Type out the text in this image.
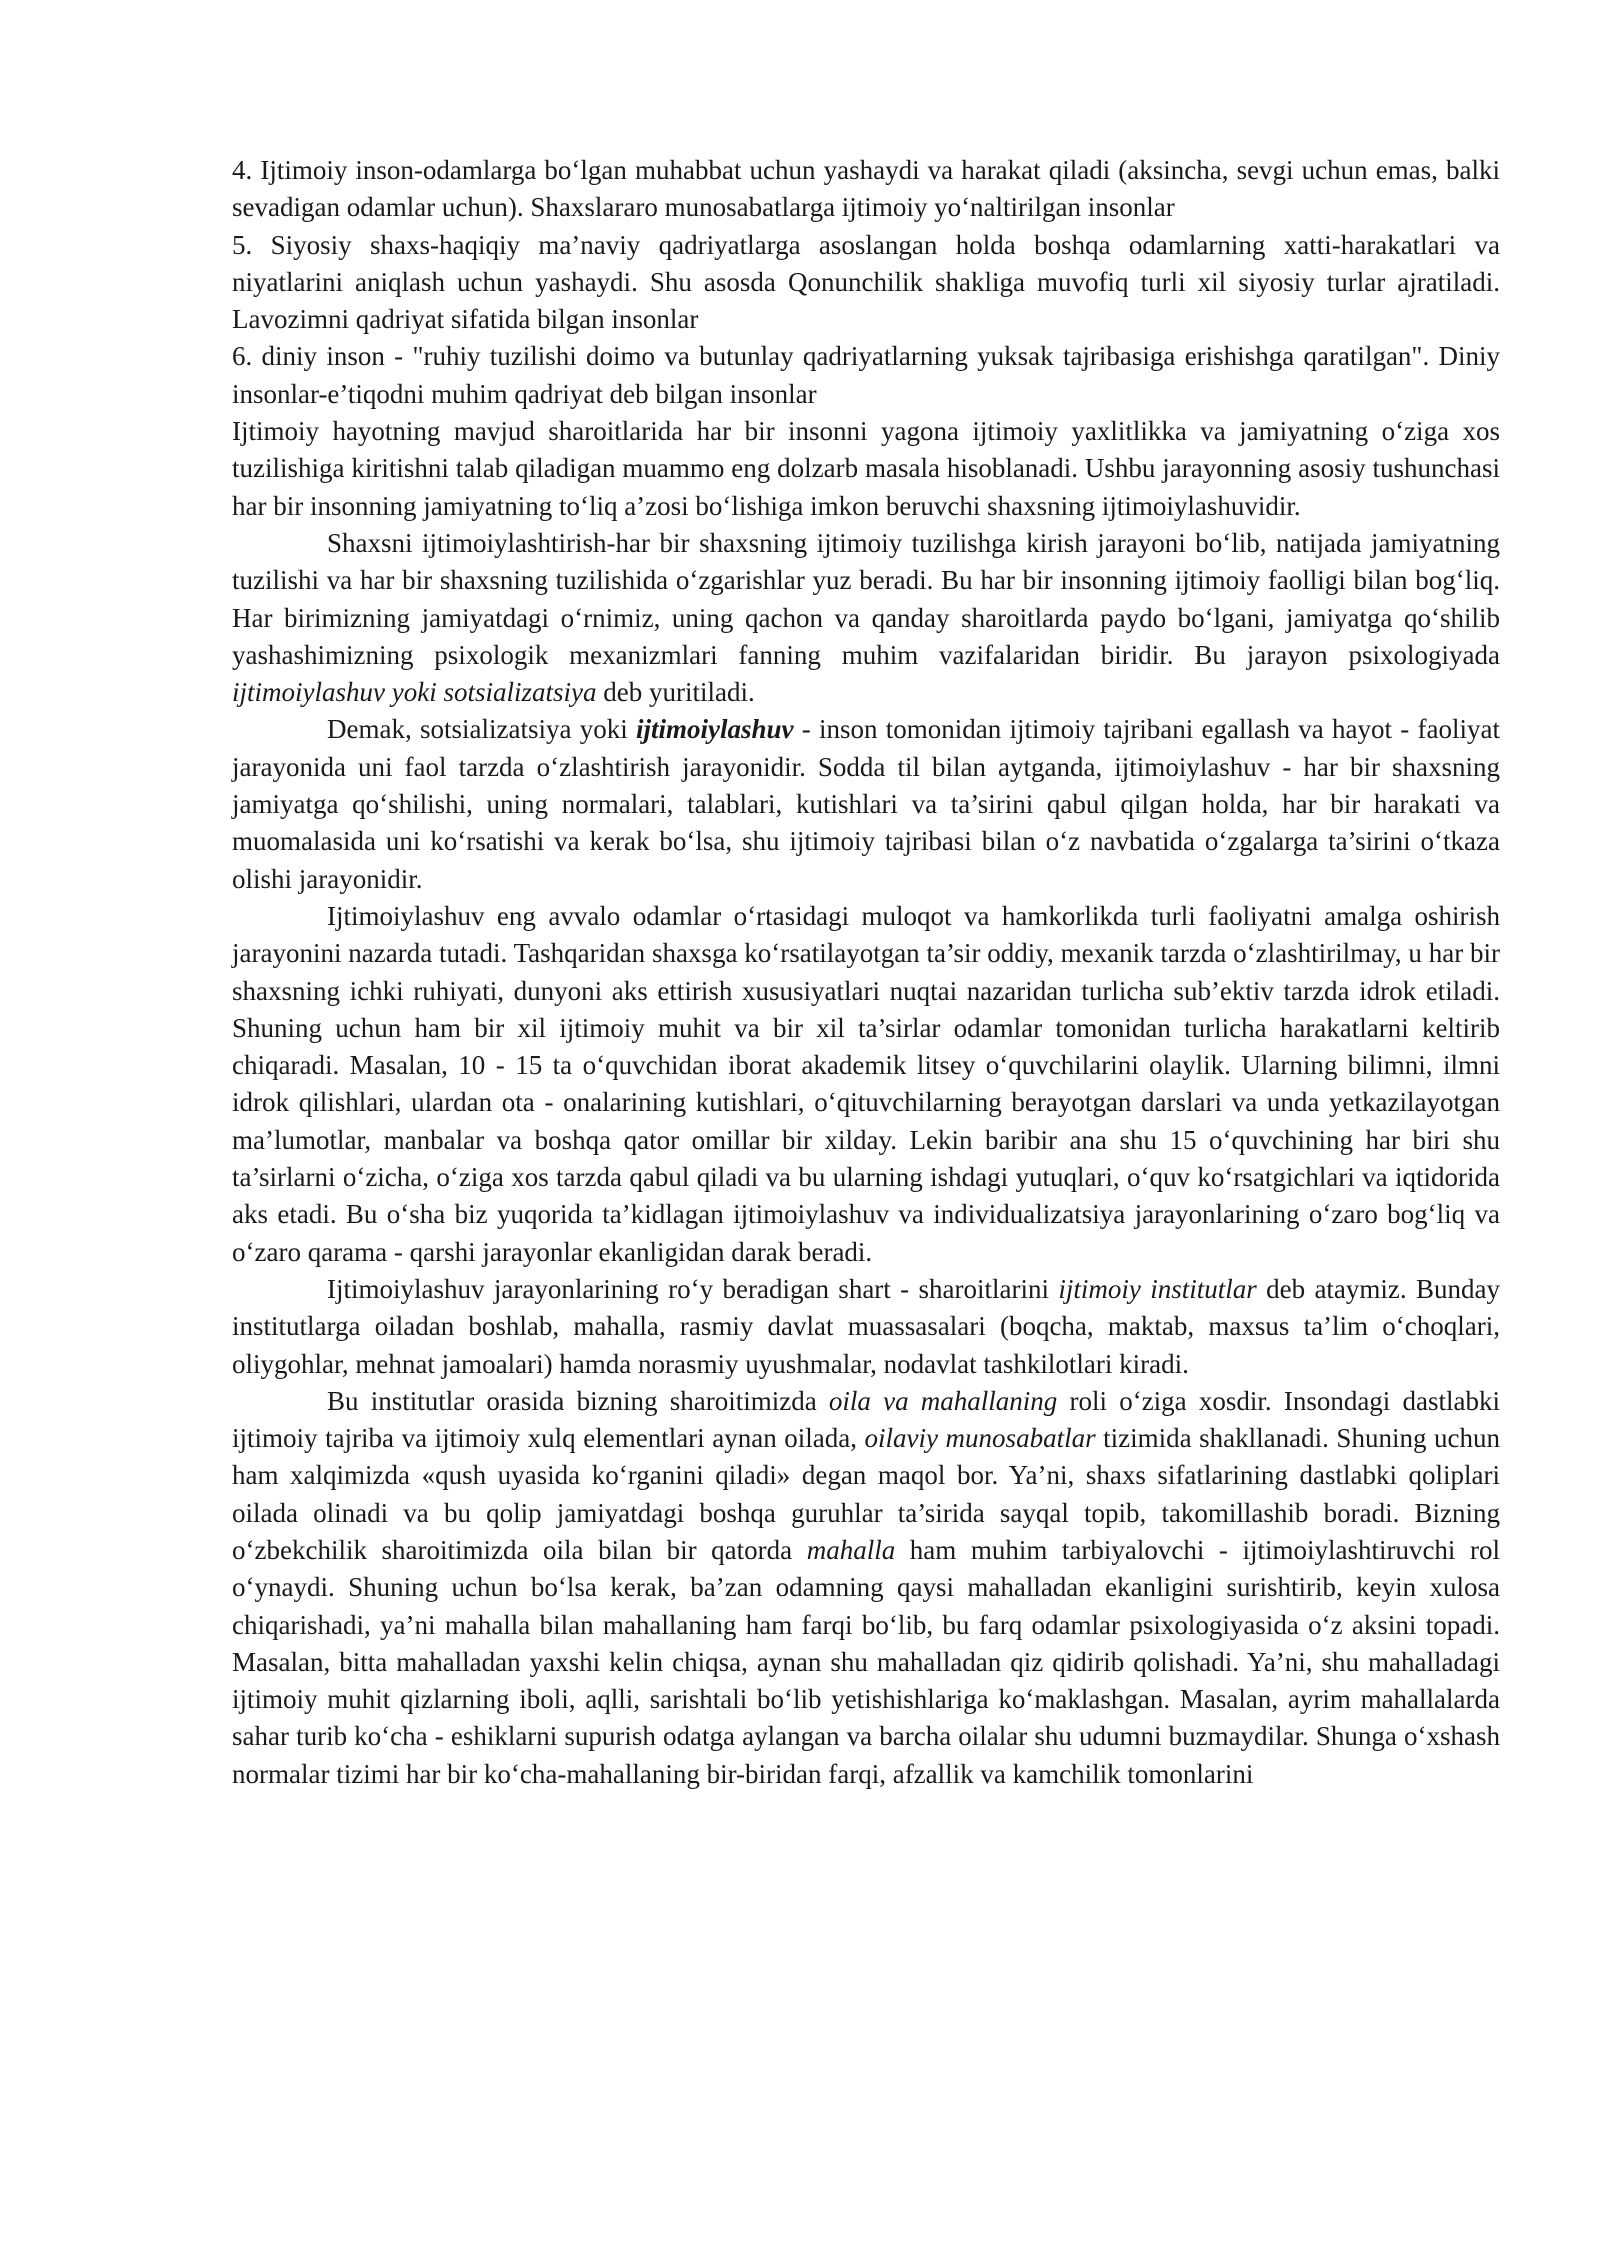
4. Ijtimoiy inson-odamlarga bo‘lgan muhabbat uchun yashaydi va harakat qiladi (aksincha, sevgi uchun emas, balki sevadigan odamlar uchun). Shaxslararo munosabatlarga ijtimoiy yo‘naltirilgan insonlar

5. Siyosiy shaxs-haqiqiy ma’naviy qadriyatlarga asoslangan holda boshqa odamlarning xatti-harakatlari va niyatlarini aniqlash uchun yashaydi. Shu asosda Qonunchilik shakliga muvofiq turli xil siyosiy turlar ajratiladi. Lavozimni qadriyat sifatida bilgan insonlar

6. diniy inson - "ruhiy tuzilishi doimo va butunlay qadriyatlarning yuksak tajribasiga erishishga qaratilgan". Diniy insonlar-e’tiqodni muhim qadriyat deb bilgan insonlar

Ijtimoiy hayotning mavjud sharoitlarida har bir insonni yagona ijtimoiy yaxlitlikka va jamiyatning o‘ziga xos tuzilishiga kiritishni talab qiladigan muammo eng dolzarb masala hisoblanadi. Ushbu jarayonning asosiy tushunchasi har bir insonning jamiyatning to‘liq a’zosi bo‘lishiga imkon beruvchi shaxsning ijtimoiylashuvidir.

Shaxsni ijtimoiylashtirish-har bir shaxsning ijtimoiy tuzilishga kirish jarayoni bo‘lib, natijada jamiyatning tuzilishi va har bir shaxsning tuzilishida o‘zgarishlar yuz beradi. Bu har bir insonning ijtimoiy faolligi bilan bog‘liq. Har birimizning jamiyatdagi o‘rnimiz, uning qachon va qanday sharoitlarda paydo bo‘lgani, jamiyatga qo‘shilib yashashimizning psixologik mexanizmlari fanning muhim vazifalaridan biridir. Bu jarayon psixologiyada ijtimoiylashuv yoki sotsializatsiya deb yuritiladi.

Demak, sotsializatsiya yoki ijtimoiylashuv - inson tomonidan ijtimoiy tajribani egallash va hayot - faoliyat jarayonida uni faol tarzda o‘zlashtirish jarayonidir. Sodda til bilan aytganda, ijtimoiylashuv - har bir shaxsning jamiyatga qo‘shilishi, uning normalari, talablari, kutishlari va ta’sirini qabul qilgan holda, har bir harakati va muomalasida uni ko‘rsatishi va kerak bo‘lsa, shu ijtimoiy tajribasi bilan o‘z navbatida o‘zgalarga ta’sirini o‘tkaza olishi jarayonidir.

Ijtimoiylashuv eng avvalo odamlar o‘rtasidagi muloqot va hamkorlikda turli faoliyatni amalga oshirish jarayonini nazarda tutadi. Tashqaridan shaxsga ko‘rsatilayotgan ta’sir oddiy, mexanik tarzda o‘zlashtirilmay, u har bir shaxsning ichki ruhiyati, dunyoni aks ettirish xususiyatlari nuqtai nazaridan turlicha sub’ektiv tarzda idrok etiladi. Shuning uchun ham bir xil ijtimoiy muhit va bir xil ta’sirlar odamlar tomonidan turlicha harakatlarni keltirib chiqaradi. Masalan, 10 - 15 ta o‘quvchidan iborat akademik litsey o‘quvchilarini olaylik. Ularning bilimni, ilmni idrok qilishlari, ulardan ota - onalarining kutishlari, o‘qituvchilarning berayotgan darslari va unda yetkazilayotgan ma’lumotlar, manbalar va boshqa qator omillar bir xilday. Lekin baribir ana shu 15 o‘quvchining har biri shu ta’sirlarni o‘zicha, o‘ziga xos tarzda qabul qiladi va bu ularning ishdagi yutuqlari, o‘quv ko‘rsatgichlari va iqtidorida aks etadi. Bu o‘sha biz yuqorida ta’kidlagan ijtimoiylashuv va individualizatsiya jarayonlarining o‘zaro bog‘liq va o‘zaro qarama - qarshi jarayonlar ekanligidan darak beradi.

Ijtimoiylashuv jarayonlarining ro‘y beradigan shart - sharoitlarini ijtimoiy institutlar deb ataymiz. Bunday institutlarga oiladan boshlab, mahalla, rasmiy davlat muassasalari (boqcha, maktab, maxsus ta’lim o‘choqlari, oliygohlar, mehnat jamoalari) hamda norasmiy uyushmalar, nodavlat tashkilotlari kiradi.

Bu institutlar orasida bizning sharoitimizda oila va mahallaning roli o‘ziga xosdir. Insondagi dastlabki ijtimoiy tajriba va ijtimoiy xulq elementlari aynan oilada, oilaviy munosabatlar tizimida shakllanadi. Shuning uchun ham xalqimizda «qush uyasida ko‘rganini qiladi» degan maqol bor. Ya’ni, shaxs sifatlarining dastlabki qoliplari oilada olinadi va bu qolip jamiyatdagi boshqa guruhlar ta’sirida sayqal topib, takomillashib boradi. Bizning o‘zbekchilik sharoitimizda oila bilan bir qatorda mahalla ham muhim tarbiyalovchi - ijtimoiylashtiruvchi rol o‘ynaydi. Shuning uchun bo‘lsa kerak, ba’zan odamning qaysi mahalladan ekanligini surishtirib, keyin xulosa chiqarishadi, ya’ni mahalla bilan mahallaning ham farqi bo‘lib, bu farq odamlar psixologiyasida o‘z aksini topadi. Masalan, bitta mahalladan yaxshi kelin chiqsa, aynan shu mahalladan qiz qidirib qolishadi. Ya’ni, shu mahalladagi ijtimoiy muhit qizlarning iboli, aqlli, sarishtali bo‘lib yetishishlariga ko‘maklashgan. Masalan, ayrim mahallalarda sahar turib ko‘cha - eshiklarni supurish odatga aylangan va barcha oilalar shu udumni buzmaydilar. Shunga o‘xshash normalar tizimi har bir ko‘cha-mahallaning bir-biridan farqi, afzallik va kamchilik tomonlarini
